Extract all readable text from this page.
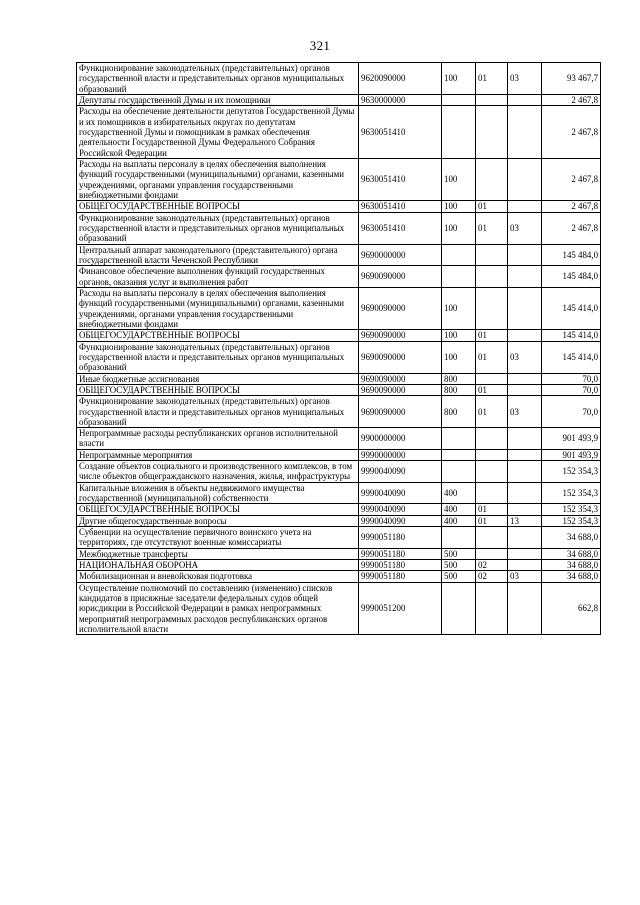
321
Функционирование законодательных (представительных) органов государственной власти и представительных органов муниципальных образований	9620090000	100	01	03	93 467,7
Депутаты государственной Думы и их помощники	9630000000				2 467,8
Расходы на обеспечение деятельности депутатов Государственной Думы и их помощников в избирательных округах по депутатам государственной Думы и помощникам в рамках обеспечения деятельности Государственной Думы Федерального Собрания Российской Федерации	9630051410				2 467,8
Расходы на выплаты персоналу в целях обеспечения выполнения функций государственными (муниципальными) органами, казенными учреждениями, органами управления государственными внебюджетными фондами	9630051410	100			2 467,8
ОБЩЕГОСУДАРСТВЕННЫЕ ВОПРОСЫ	9630051410	100	01		2 467,8
Функционирование законодательных (представительных) органов государственной власти и представительных органов муниципальных образований	9630051410	100	01	03	2 467,8
Центральный аппарат законодательного (представительного) органа государственной власти Чеченской Республики	9690000000				145 484,0
Финансовое обеспечение выполнения функций государственных органов, оказания услуг и выполнения работ	9690090000				145 484,0
Расходы на выплаты персоналу в целях обеспечения выполнения функций государственными (муниципальными) органами, казенными учреждениями, органами управления государственными внебюджетными фондами	9690090000	100			145 414,0
ОБЩЕГОСУДАРСТВЕННЫЕ ВОПРОСЫ	9690090000	100	01		145 414,0
Функционирование законодательных (представительных) органов государственной власти и представительных органов муниципальных образований	9690090000	100	01	03	145 414,0
Иные бюджетные ассигнования	9690090000	800			70,0
ОБЩЕГОСУДАРСТВЕННЫЕ ВОПРОСЫ	9690090000	800	01		70,0
Функционирование законодательных (представительных) органов государственной власти и представительных органов муниципальных образований	9690090000	800	01	03	70,0
Непрограммные расходы республиканских органов исполнительной власти	9900000000				901 493,9
Непрограммные мероприятия	9990000000				901 493,9
Создание объектов социального и производственного комплексов, в том числе объектов общегражданского назначения, жилья, инфраструктуры	9990040090				152 354,3
Капитальные вложения в объекты недвижимого имущества государственной (муниципальной) собственности	9990040090	400			152 354,3
ОБЩЕГОСУДАРСТВЕННЫЕ ВОПРОСЫ	9990040090	400	01		152 354,3
Другие общегосударственные вопросы	9990040090	400	01	13	152 354,3
Субвенции на осуществление первичного воинского учета на территориях, где отсутствуют военные комиссариаты	9990051180				34 688,0
Межбюджетные трансферты	9990051180	500			34 688,0
НАЦИОНАЛЬНАЯ ОБОРОНА	9990051180	500	02		34 688,0
Мобилизационная и вневойсковая подготовка	9990051180	500	02	03	34 688,0
Осуществление полномочий по составлению (изменению) списков кандидатов в присяжные заседатели федеральных судов общей юрисдикции в Российской Федерации в рамках непрограммных мероприятий непрограммных расходов республиканских органов исполнительной власти	9990051200				662,8
